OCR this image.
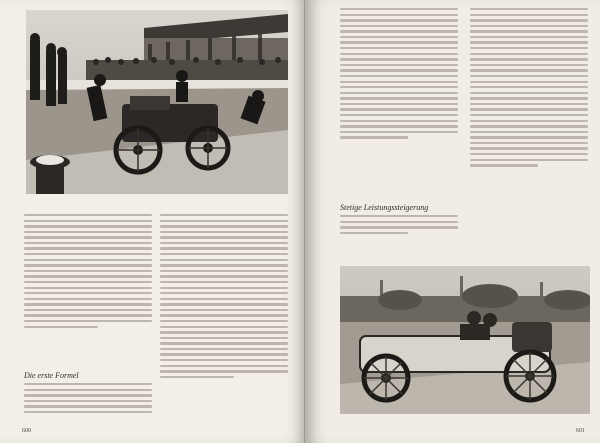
Die erste Formel
600
Stetige Leistungssteigerung
601
